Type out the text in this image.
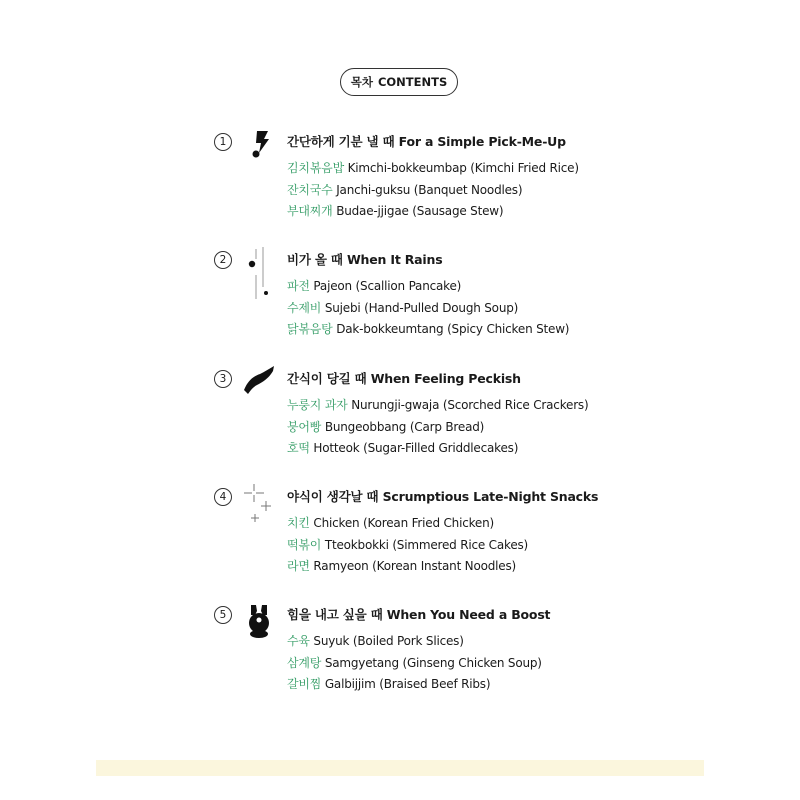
목차 CONTENTS
1	간단하게 기분 낼 때 For a Simple Pick-Me-Up
김치볶음밥 Kimchi-bokkeumbap (Kimchi Fried Rice)
잔치국수 Janchi-guksu (Banquet Noodles)
부대찌개 Budae-jjigae (Sausage Stew)
2	비가 올 때 When It Rains
파전 Pajeon (Scallion Pancake)
수제비 Sujebi (Hand-Pulled Dough Soup)
닭볶음탕 Dak-bokkeumtang (Spicy Chicken Stew)
3	간식이 당길 때 When Feeling Peckish
누룽지 과자 Nurungji-gwaja (Scorched Rice Crackers)
붕어빵 Bungeobbang (Carp Bread)
호떡 Hotteok (Sugar-Filled Griddlecakes)
4	야식이 생각날 때 Scrumptious Late-Night Snacks
치킨 Chicken (Korean Fried Chicken)
떡볶이 Tteokbokki (Simmered Rice Cakes)
라면 Ramyeon (Korean Instant Noodles)
5	힘을 내고 싶을 때 When You Need a Boost
수육 Suyuk (Boiled Pork Slices)
삼계탕 Samgyetang (Ginseng Chicken Soup)
갈비찜 Galbijjim (Braised Beef Ribs)
